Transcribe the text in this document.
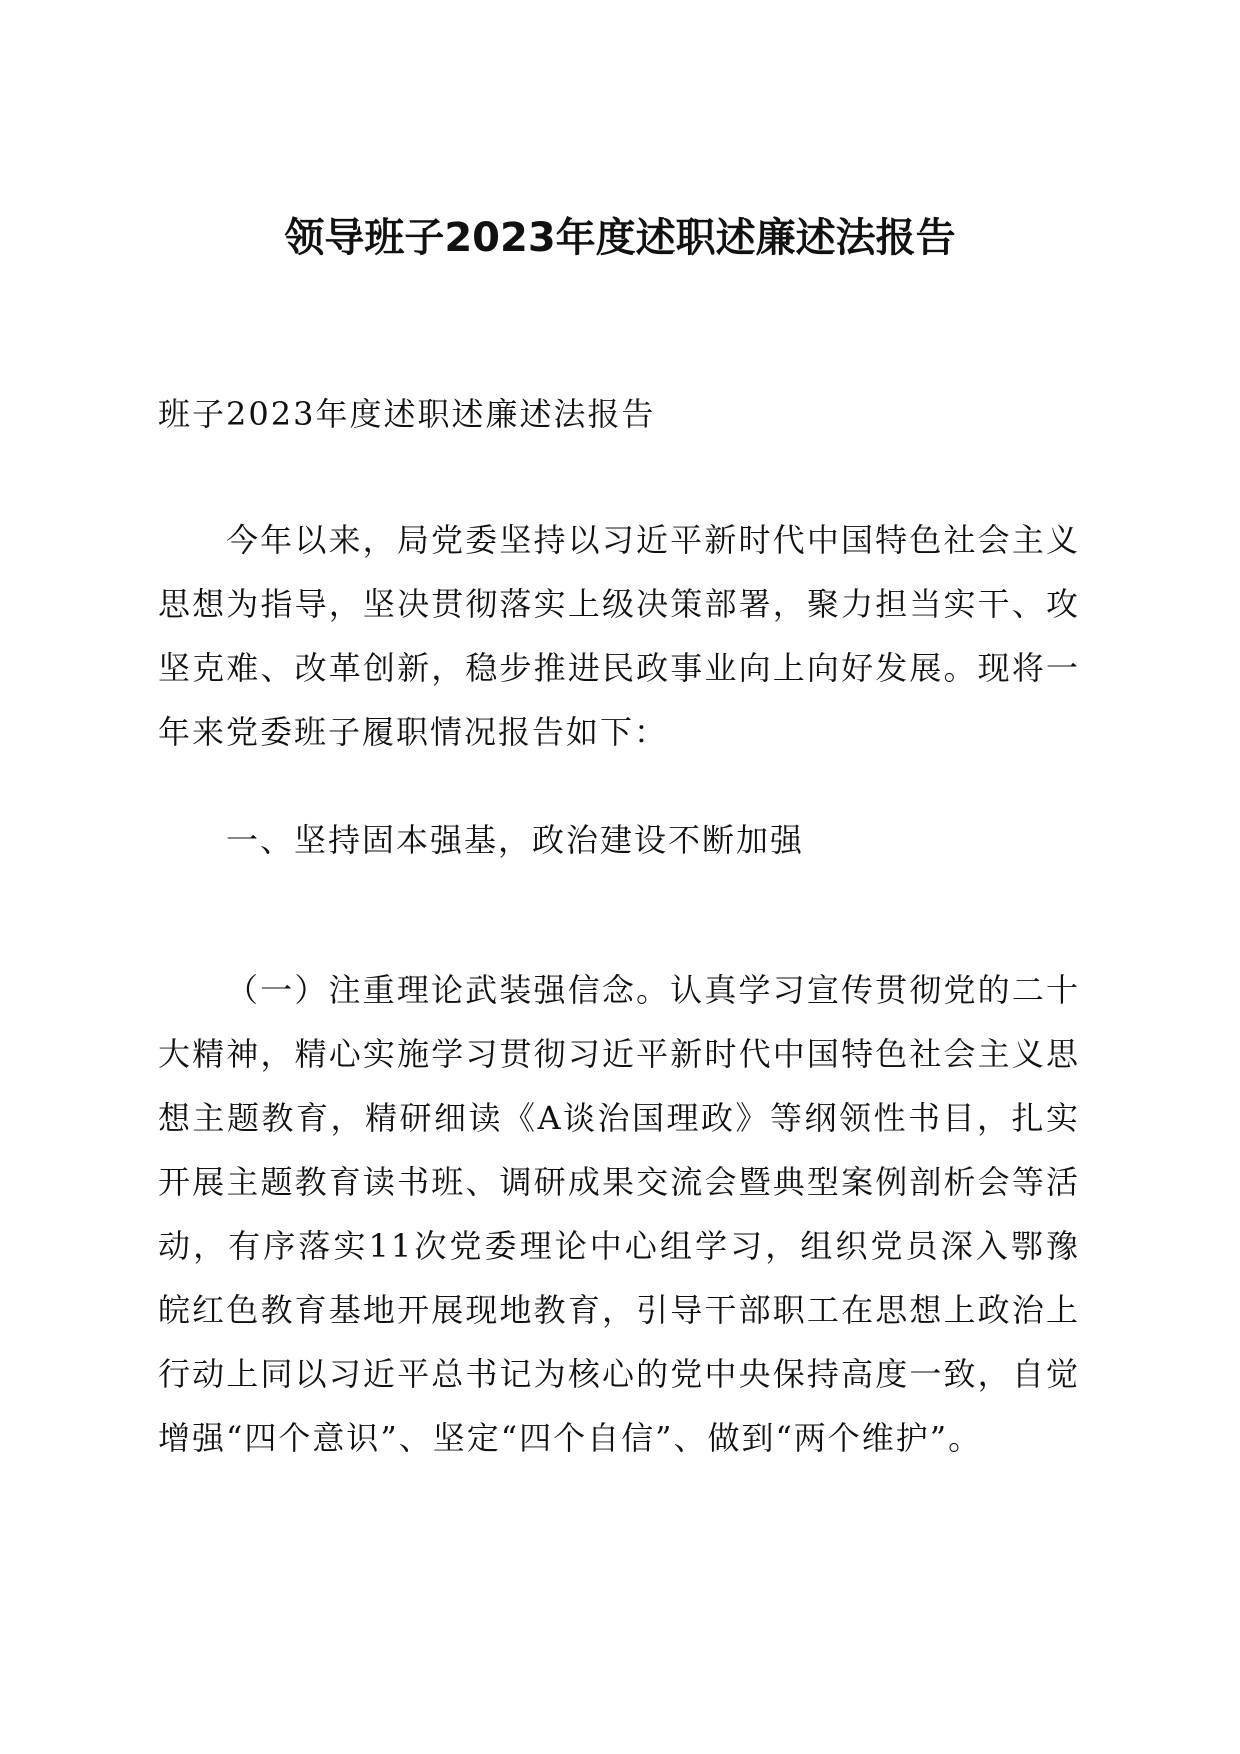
领导班子2023年度述职述廉述法报告

班子2023年度述职述廉述法报告

今年以来，局党委坚持以习近平新时代中国特色社会主义思想为指导，坚决贯彻落实上级决策部署，聚力担当实干、攻坚克难、改革创新，稳步推进民政事业向上向好发展。现将一年来党委班子履职情况报告如下：

一、坚持固本强基，政治建设不断加强

（一）注重理论武装强信念。认真学习宣传贯彻党的二十大精神，精心实施学习贯彻习近平新时代中国特色社会主义思想主题教育，精研细读《A谈治国理政》等纲领性书目，扎实开展主题教育读书班、调研成果交流会暨典型案例剖析会等活动，有序落实11次党委理论中心组学习，组织党员深入鄂豫皖红色教育基地开展现地教育，引导干部职工在思想上政治上行动上同以习近平总书记为核心的党中央保持高度一致，自觉增强“四个意识”、坚定“四个自信”、做到“两个维护”。
